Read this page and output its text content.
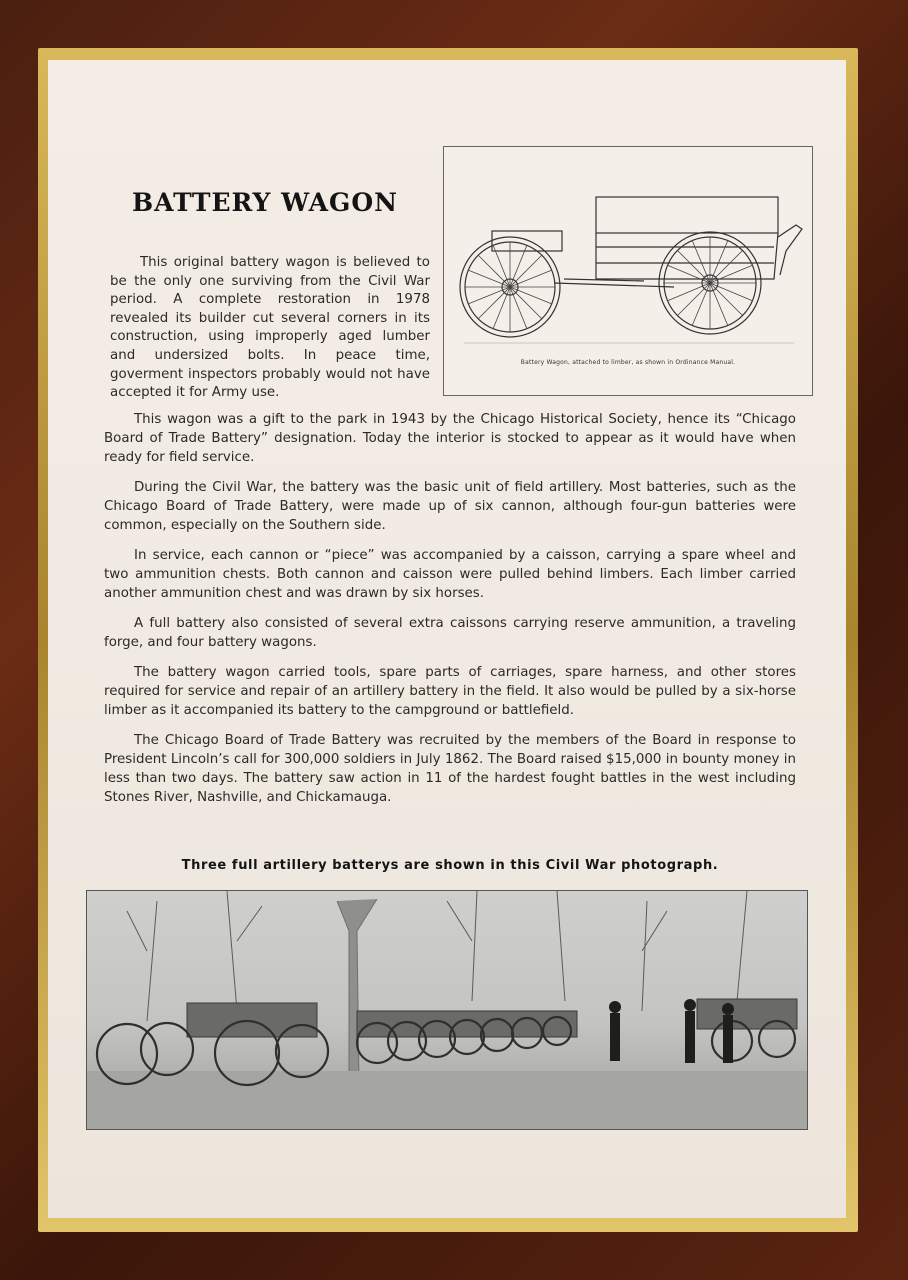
BATTERY WAGON
This original battery wagon is believed to be the only one surviving from the Civil War period. A complete restoration in 1978 revealed its builder cut several corners in its construction, using improperly aged lumber and undersized bolts. In peace time, goverment inspectors probably would not have accepted it for Army use.
Battery Wagon, attached to limber, as shown in Ordinance Manual.

This wagon was a gift to the park in 1943 by the Chicago Historical Society, hence its “Chicago Board of Trade Battery” designation. Today the interior is stocked to appear as it would have when ready for field service.

During the Civil War, the battery was the basic unit of field artillery. Most batteries, such as the Chicago Board of Trade Battery, were made up of six cannon, although four-gun batteries were common, especially on the Southern side.

In service, each cannon or “piece” was accompanied by a caisson, carrying a spare wheel and two ammunition chests. Both cannon and caisson were pulled behind limbers. Each limber carried another ammunition chest and was drawn by six horses.

A full battery also consisted of several extra caissons carrying reserve ammunition, a traveling forge, and four battery wagons.

The battery wagon carried tools, spare parts of carriages, spare harness, and other stores required for service and repair of an artillery battery in the field. It also would be pulled by a six-horse limber as it accompanied its battery to the campground or battlefield.

The Chicago Board of Trade Battery was recruited by the members of the Board in response to President Lincoln’s call for 300,000 soldiers in July 1862. The Board raised $15,000 in bounty money in less than two days. The battery saw action in 11 of the hardest fought battles in the west including Stones River, Nashville, and Chickamauga.

Three full artillery batterys are shown in this Civil War photograph.
